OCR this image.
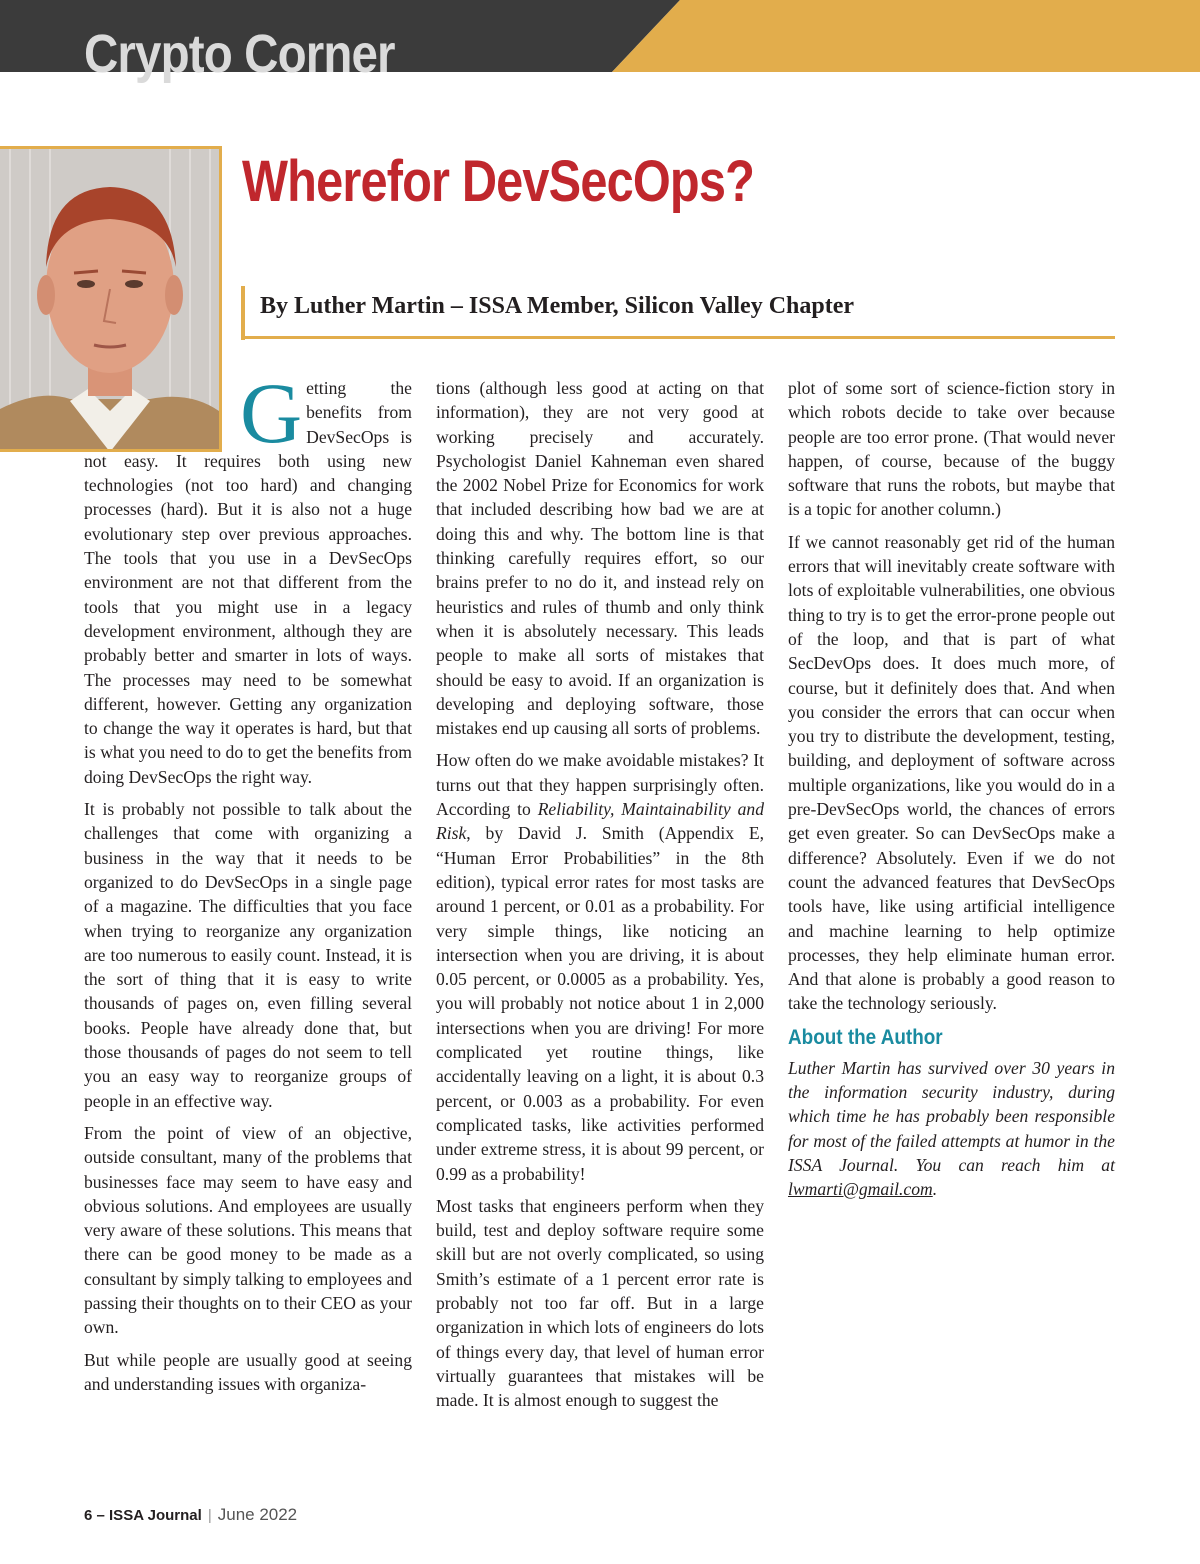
Crypto Corner
Wherefor DevSecOps?
By Luther Martin – ISSA Member, Silicon Valley Chapter

Getting the benefits from DevSecOps is not easy. It requires both using new technologies (not too hard) and changing processes (hard). But it is also not a huge evolutionary step over previous approaches. The tools that you use in a DevSecOps environment are not that different from the tools that you might use in a legacy development environment, although they are probably better and smarter in lots of ways. The processes may need to be somewhat different, however. Getting any organization to change the way it operates is hard, but that is what you need to do to get the benefits from doing DevSecOps the right way.

It is probably not possible to talk about the challenges that come with organizing a business in the way that it needs to be organized to do DevSecOps in a single page of a magazine. The difficulties that you face when trying to reorganize any organization are too numerous to easily count. Instead, it is the sort of thing that it is easy to write thousands of pages on, even filling several books. People have already done that, but those thousands of pages do not seem to tell you an easy way to reorganize groups of people in an effective way.

From the point of view of an objective, outside consultant, many of the problems that businesses face may seem to have easy and obvious solutions. And employees are usually very aware of these solutions. This means that there can be good money to be made as a consultant by simply talking to employees and passing their thoughts on to their CEO as your own.

But while people are usually good at seeing and understanding issues with organiza-

tions (although less good at acting on that information), they are not very good at working precisely and accurately. Psychologist Daniel Kahneman even shared the 2002 Nobel Prize for Economics for work that included describing how bad we are at doing this and why. The bottom line is that thinking carefully requires effort, so our brains prefer to no do it, and instead rely on heuristics and rules of thumb and only think when it is absolutely necessary. This leads people to make all sorts of mistakes that should be easy to avoid. If an organization is developing and deploying software, those mistakes end up causing all sorts of problems.

How often do we make avoidable mistakes? It turns out that they happen surprisingly often. According to Reliability, Maintainability and Risk, by David J. Smith (Appendix E, “Human Error Probabilities” in the 8th edition), typical error rates for most tasks are around 1 percent, or 0.01 as a probability. For very simple things, like noticing an intersection when you are driving, it is about 0.05 percent, or 0.0005 as a probability. Yes, you will probably not notice about 1 in 2,000 intersections when you are driving! For more complicated yet routine things, like accidentally leaving on a light, it is about 0.3 percent, or 0.003 as a probability. For even complicated tasks, like activities performed under extreme stress, it is about 99 percent, or 0.99 as a probability!

Most tasks that engineers perform when they build, test and deploy software require some skill but are not overly complicated, so using Smith’s estimate of a 1 percent error rate is probably not too far off. But in a large organization in which lots of engineers do lots of things every day, that level of human error virtually guarantees that mistakes will be made. It is almost enough to suggest the

plot of some sort of science-fiction story in which robots decide to take over because people are too error prone. (That would never happen, of course, because of the buggy software that runs the robots, but maybe that is a topic for another column.)

If we cannot reasonably get rid of the human errors that will inevitably create software with lots of exploitable vulnerabilities, one obvious thing to try is to get the error-prone people out of the loop, and that is part of what SecDevOps does. It does much more, of course, but it definitely does that. And when you consider the errors that can occur when you try to distribute the development, testing, building, and deployment of software across multiple organizations, like you would do in a pre-DevSecOps world, the chances of errors get even greater. So can DevSecOps make a difference? Absolutely. Even if we do not count the advanced features that DevSecOps tools have, like using artificial intelligence and machine learning to help optimize processes, they help eliminate human error. And that alone is probably a good reason to take the technology seriously.

About the Author

Luther Martin has survived over 30 years in the information security industry, during which time he has probably been responsible for most of the failed attempts at humor in the ISSA Journal. You can reach him at lwmarti@gmail.com.

6 – ISSA Journal | June 2022
